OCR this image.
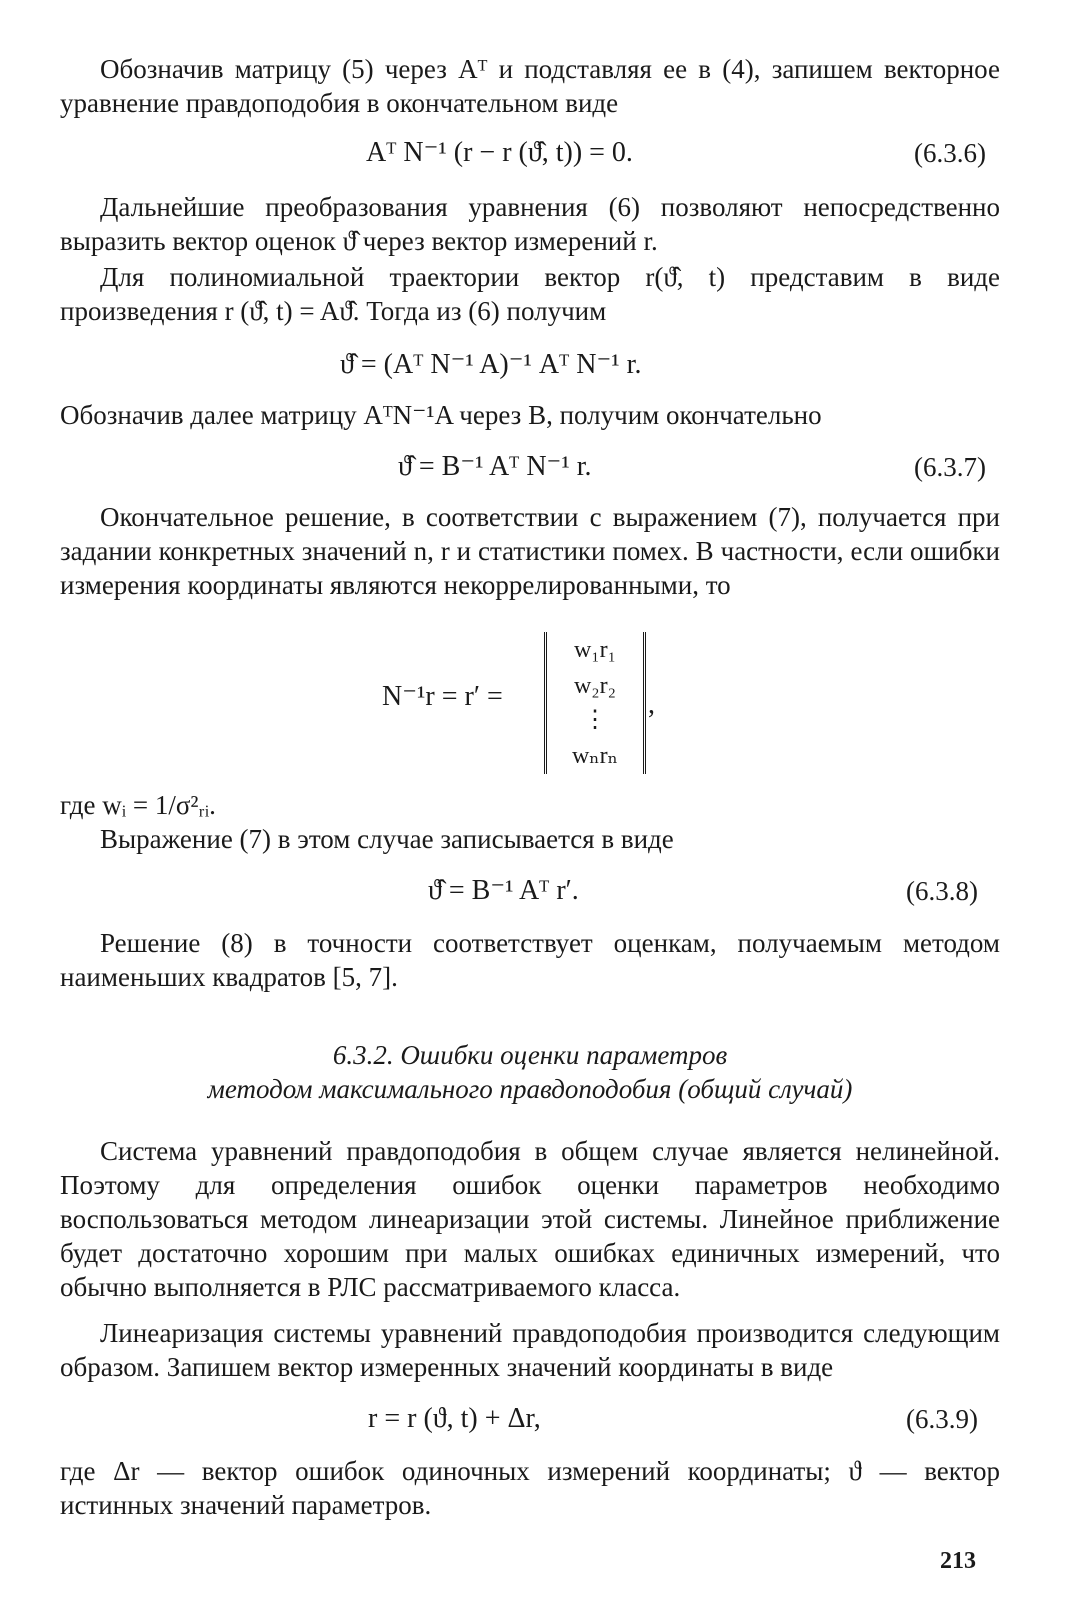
Обозначив матрицу (5) через Aᵀ и подставляя ее в (4), запишем векторное уравнение правдоподобия в окончательном виде

Aᵀ N⁻¹ (r − r (ϑ̂, t)) = 0.	(6.3.6)

Дальнейшие преобразования уравнения (6) позволяют непосредственно выразить вектор оценок ϑ̂ через вектор измерений r.

Для полиномиальной траектории вектор r(ϑ̂, t) представим в виде произведения r (ϑ̂, t) = Aϑ̂. Тогда из (6) получим

ϑ̂ = (Aᵀ N⁻¹ A)⁻¹ Aᵀ N⁻¹ r.

Обозначив далее матрицу AᵀN⁻¹A через B, получим окончательно

ϑ̂ = B⁻¹ Aᵀ N⁻¹ r.	(6.3.7)

Окончательное решение, в соответствии с выражением (7), получается при задании конкретных значений n, r и статистики помех. В частности, если ошибки измерения координаты являются некоррелированными, то

N⁻¹r = r′ =
w₁r₁
w₂r₂
⋮
wₙrₙ
,

где wᵢ = 1/σ²ᵣᵢ.

Выражение (7) в этом случае записывается в виде

ϑ̂ = B⁻¹ Aᵀ r′.	(6.3.8)

Решение (8) в точности соответствует оценкам, получаемым методом наименьших квадратов [5, 7].

6.3.2. Ошибки оценки параметров

методом максимального правдоподобия (общий случай)

Система уравнений правдоподобия в общем случае является нелинейной. Поэтому для определения ошибок оценки параметров необходимо воспользоваться методом линеаризации этой системы. Линейное приближение будет достаточно хорошим при малых ошибках единичных измерений, что обычно выполняется в РЛС рассматриваемого класса.

Линеаризация системы уравнений правдоподобия производится следующим образом. Запишем вектор измеренных значений координаты в виде

r = r (ϑ, t) + Δr,	(6.3.9)

где Δr — вектор ошибок одиночных измерений координаты; ϑ — вектор истинных значений параметров.

213
